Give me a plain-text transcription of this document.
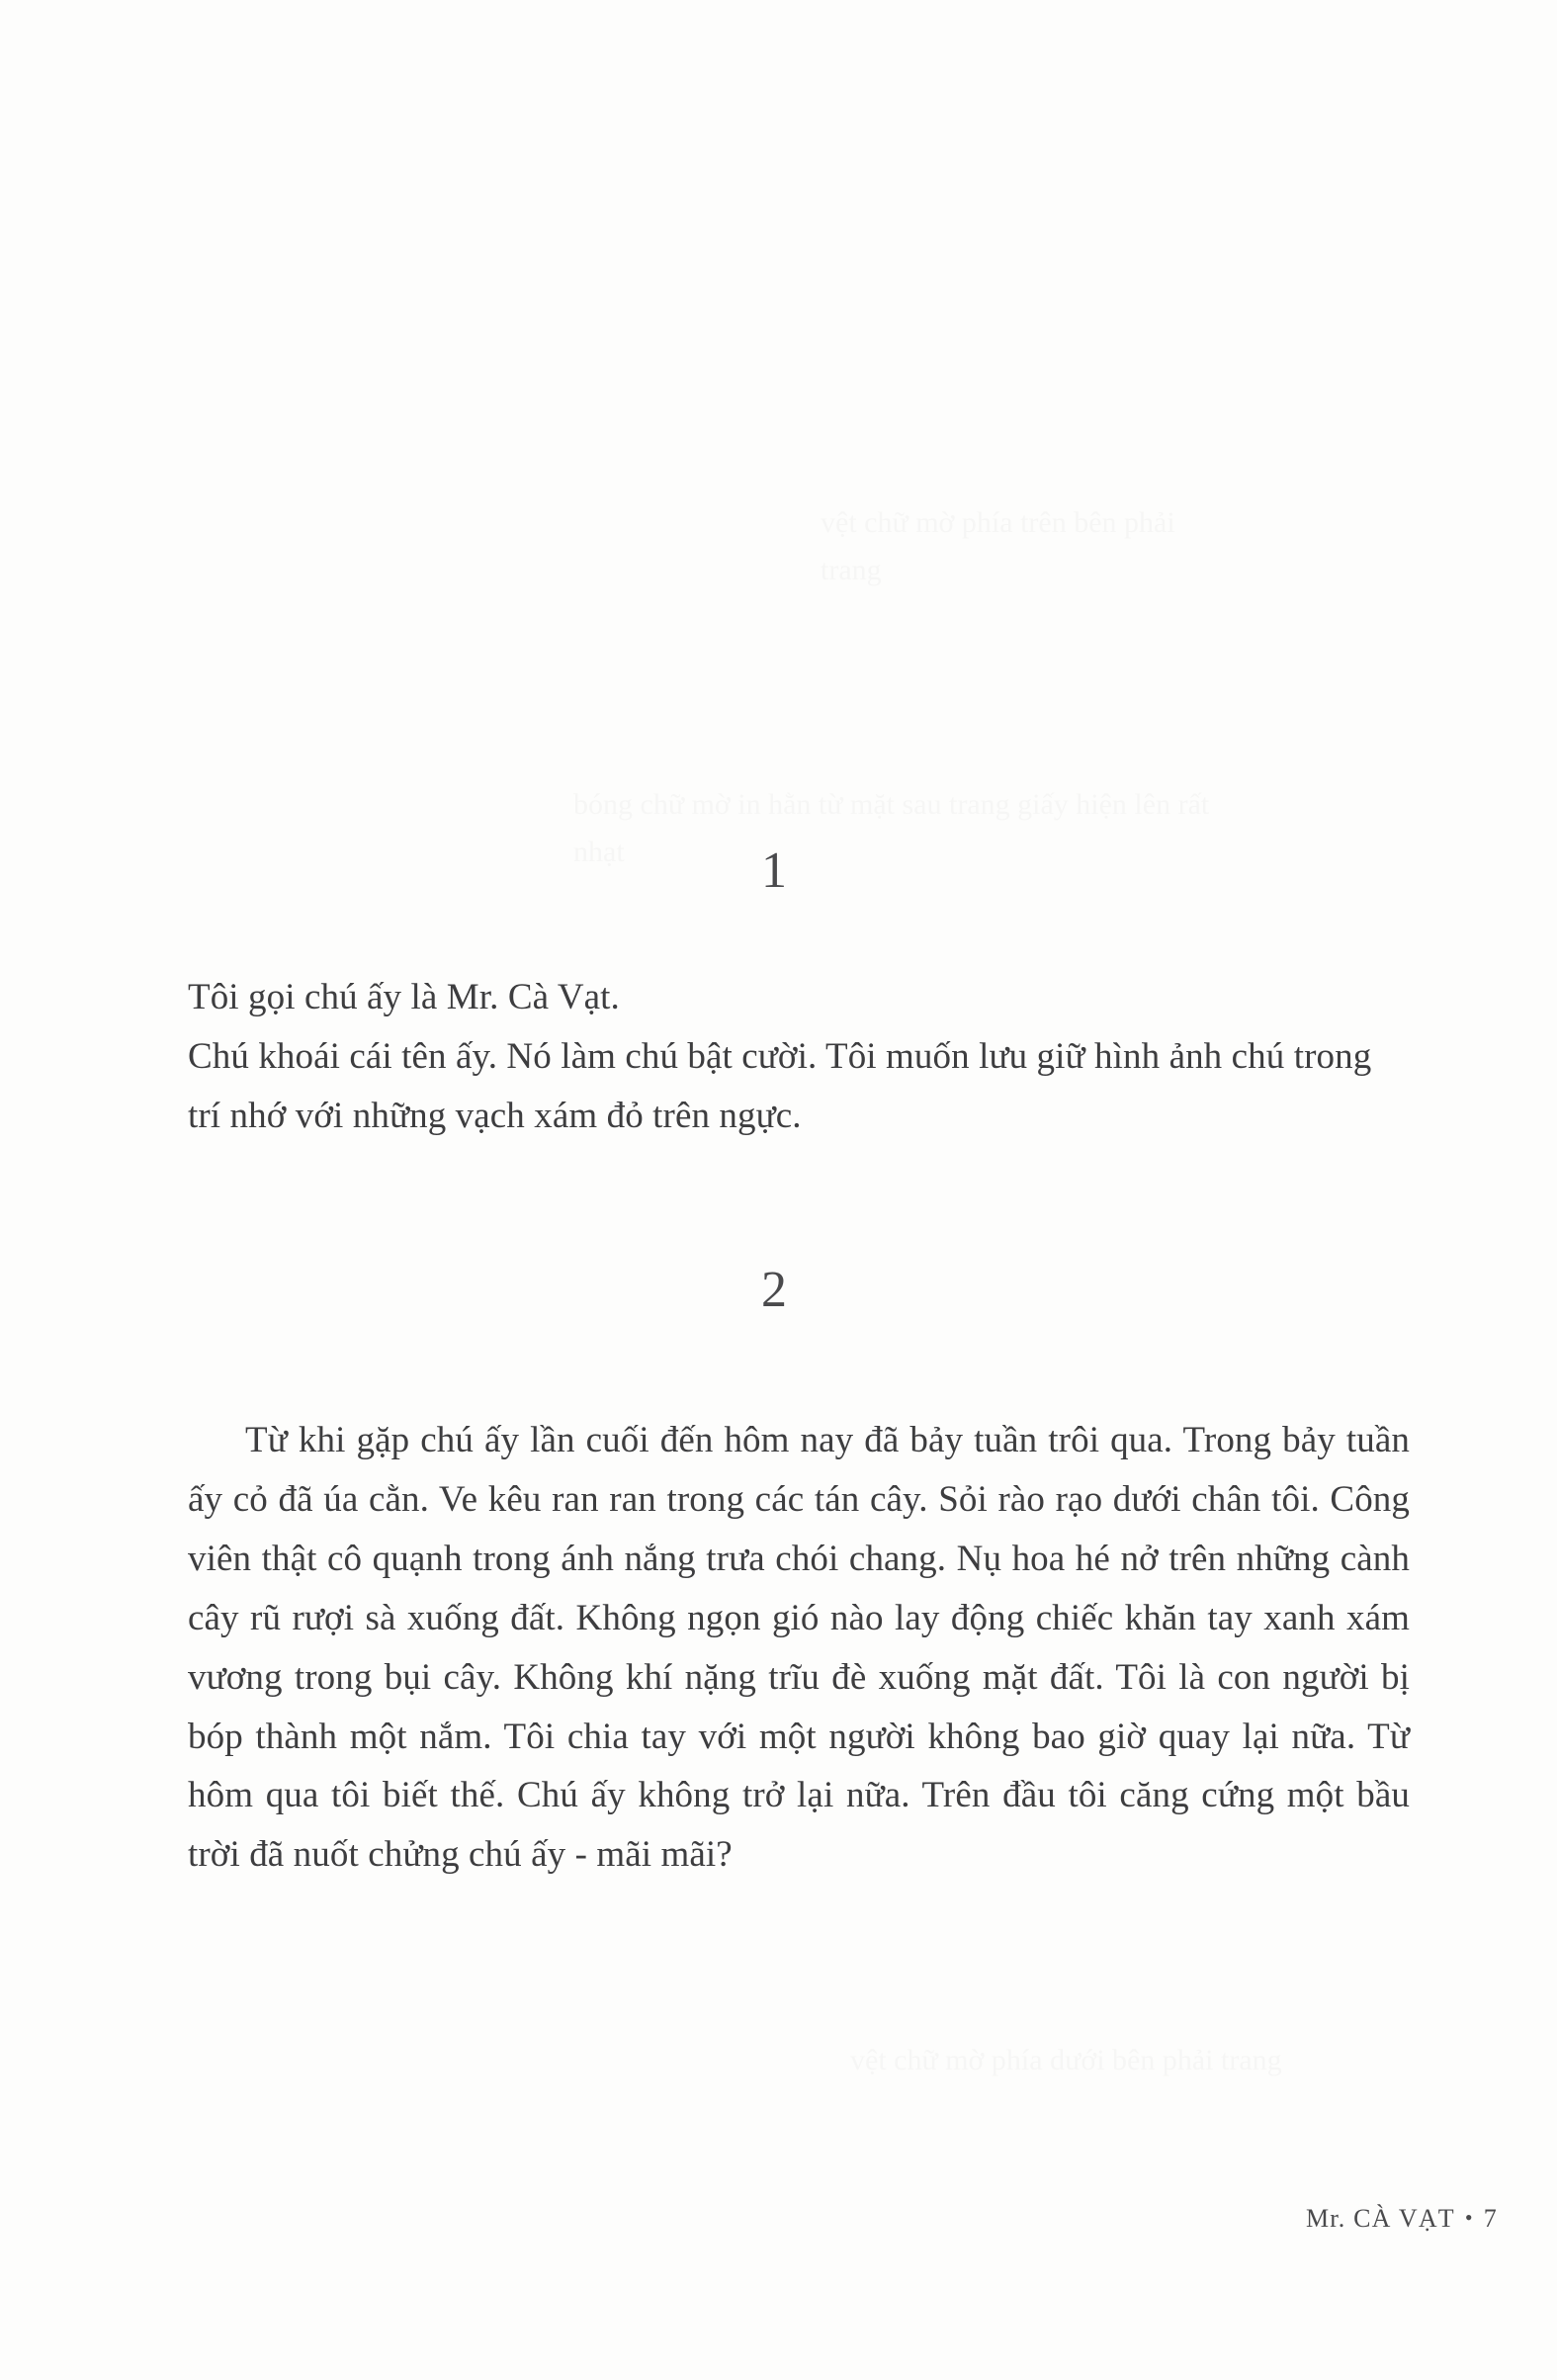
vệt chữ mờ phía trên bên phải trang
bóng chữ mờ in hằn từ mặt sau trang giấy hiện lên rất nhạt
vệt chữ mờ phía dưới bên phải trang
1

Tôi gọi chú ấy là Mr. Cà Vạt.

Chú khoái cái tên ấy. Nó làm chú bật cười. Tôi muốn lưu giữ hình ảnh chú trong trí nhớ với những vạch xám đỏ trên ngực.

2

Từ khi gặp chú ấy lần cuối đến hôm nay đã bảy tuần trôi qua. Trong bảy tuần ấy cỏ đã úa cằn. Ve kêu ran ran trong các tán cây. Sỏi rào rạo dưới chân tôi. Công viên thật cô quạnh trong ánh nắng trưa chói chang. Nụ hoa hé nở trên những cành cây rũ rượi sà xuống đất. Không ngọn gió nào lay động chiếc khăn tay xanh xám vương trong bụi cây. Không khí nặng trĩu đè xuống mặt đất. Tôi là con người bị bóp thành một nắm. Tôi chia tay với một người không bao giờ quay lại nữa. Từ hôm qua tôi biết thế. Chú ấy không trở lại nữa. Trên đầu tôi căng cứng một bầu trời đã nuốt chửng chú ấy - mãi mãi?

Mr. CÀ VẠT • 7
